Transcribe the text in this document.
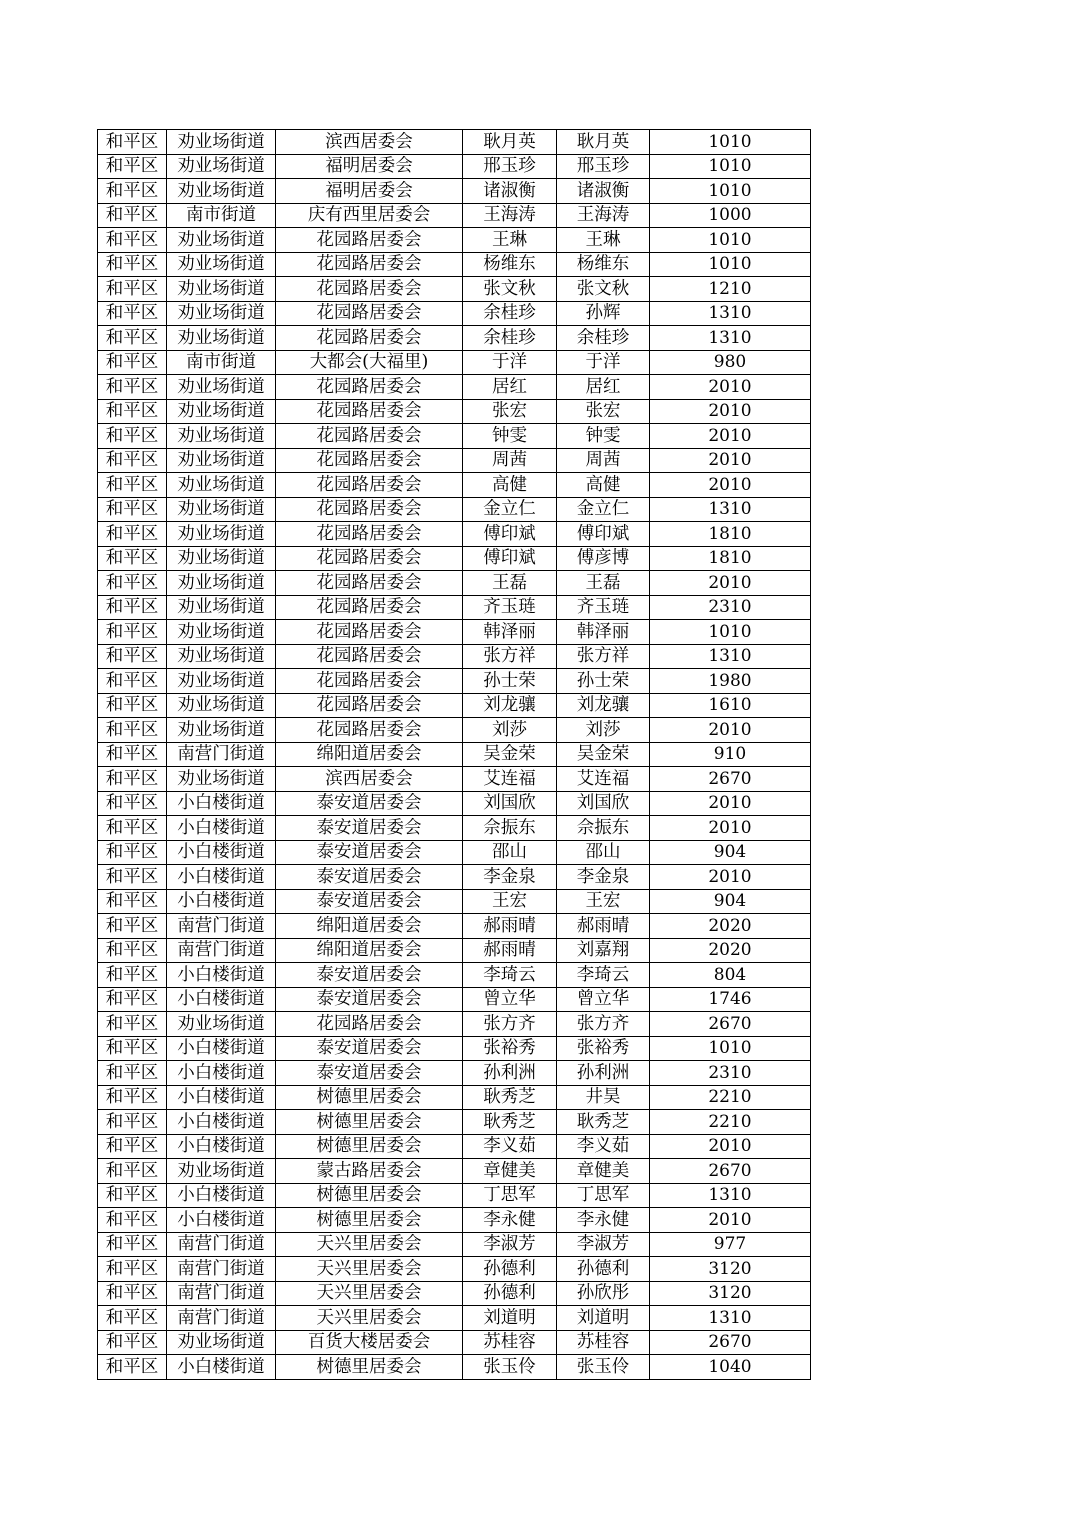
和平区	劝业场街道	滨西居委会	耿月英	耿月英	1010
和平区	劝业场街道	福明居委会	邢玉珍	邢玉珍	1010
和平区	劝业场街道	福明居委会	诸淑衡	诸淑衡	1010
和平区	南市街道	庆有西里居委会	王海涛	王海涛	1000
和平区	劝业场街道	花园路居委会	王琳	王琳	1010
和平区	劝业场街道	花园路居委会	杨维东	杨维东	1010
和平区	劝业场街道	花园路居委会	张文秋	张文秋	1210
和平区	劝业场街道	花园路居委会	余桂珍	孙辉	1310
和平区	劝业场街道	花园路居委会	余桂珍	余桂珍	1310
和平区	南市街道	大都会(大福里)	于洋	于洋	980
和平区	劝业场街道	花园路居委会	居红	居红	2010
和平区	劝业场街道	花园路居委会	张宏	张宏	2010
和平区	劝业场街道	花园路居委会	钟雯	钟雯	2010
和平区	劝业场街道	花园路居委会	周茜	周茜	2010
和平区	劝业场街道	花园路居委会	高健	高健	2010
和平区	劝业场街道	花园路居委会	金立仁	金立仁	1310
和平区	劝业场街道	花园路居委会	傅印斌	傅印斌	1810
和平区	劝业场街道	花园路居委会	傅印斌	傅彦博	1810
和平区	劝业场街道	花园路居委会	王磊	王磊	2010
和平区	劝业场街道	花园路居委会	齐玉琏	齐玉琏	2310
和平区	劝业场街道	花园路居委会	韩泽丽	韩泽丽	1010
和平区	劝业场街道	花园路居委会	张方祥	张方祥	1310
和平区	劝业场街道	花园路居委会	孙士荣	孙士荣	1980
和平区	劝业场街道	花园路居委会	刘龙骧	刘龙骧	1610
和平区	劝业场街道	花园路居委会	刘莎	刘莎	2010
和平区	南营门街道	绵阳道居委会	吴金荣	吴金荣	910
和平区	劝业场街道	滨西居委会	艾连福	艾连福	2670
和平区	小白楼街道	泰安道居委会	刘国欣	刘国欣	2010
和平区	小白楼街道	泰安道居委会	佘振东	佘振东	2010
和平区	小白楼街道	泰安道居委会	邵山	邵山	904
和平区	小白楼街道	泰安道居委会	李金泉	李金泉	2010
和平区	小白楼街道	泰安道居委会	王宏	王宏	904
和平区	南营门街道	绵阳道居委会	郝雨晴	郝雨晴	2020
和平区	南营门街道	绵阳道居委会	郝雨晴	刘嘉翔	2020
和平区	小白楼街道	泰安道居委会	李琦云	李琦云	804
和平区	小白楼街道	泰安道居委会	曾立华	曾立华	1746
和平区	劝业场街道	花园路居委会	张方齐	张方齐	2670
和平区	小白楼街道	泰安道居委会	张裕秀	张裕秀	1010
和平区	小白楼街道	泰安道居委会	孙利洲	孙利洲	2310
和平区	小白楼街道	树德里居委会	耿秀芝	井昊	2210
和平区	小白楼街道	树德里居委会	耿秀芝	耿秀芝	2210
和平区	小白楼街道	树德里居委会	李义茹	李义茹	2010
和平区	劝业场街道	蒙古路居委会	章健美	章健美	2670
和平区	小白楼街道	树德里居委会	丁思军	丁思军	1310
和平区	小白楼街道	树德里居委会	李永健	李永健	2010
和平区	南营门街道	天兴里居委会	李淑芳	李淑芳	977
和平区	南营门街道	天兴里居委会	孙德利	孙德利	3120
和平区	南营门街道	天兴里居委会	孙德利	孙欣彤	3120
和平区	南营门街道	天兴里居委会	刘道明	刘道明	1310
和平区	劝业场街道	百货大楼居委会	苏桂容	苏桂容	2670
和平区	小白楼街道	树德里居委会	张玉伶	张玉伶	1040
